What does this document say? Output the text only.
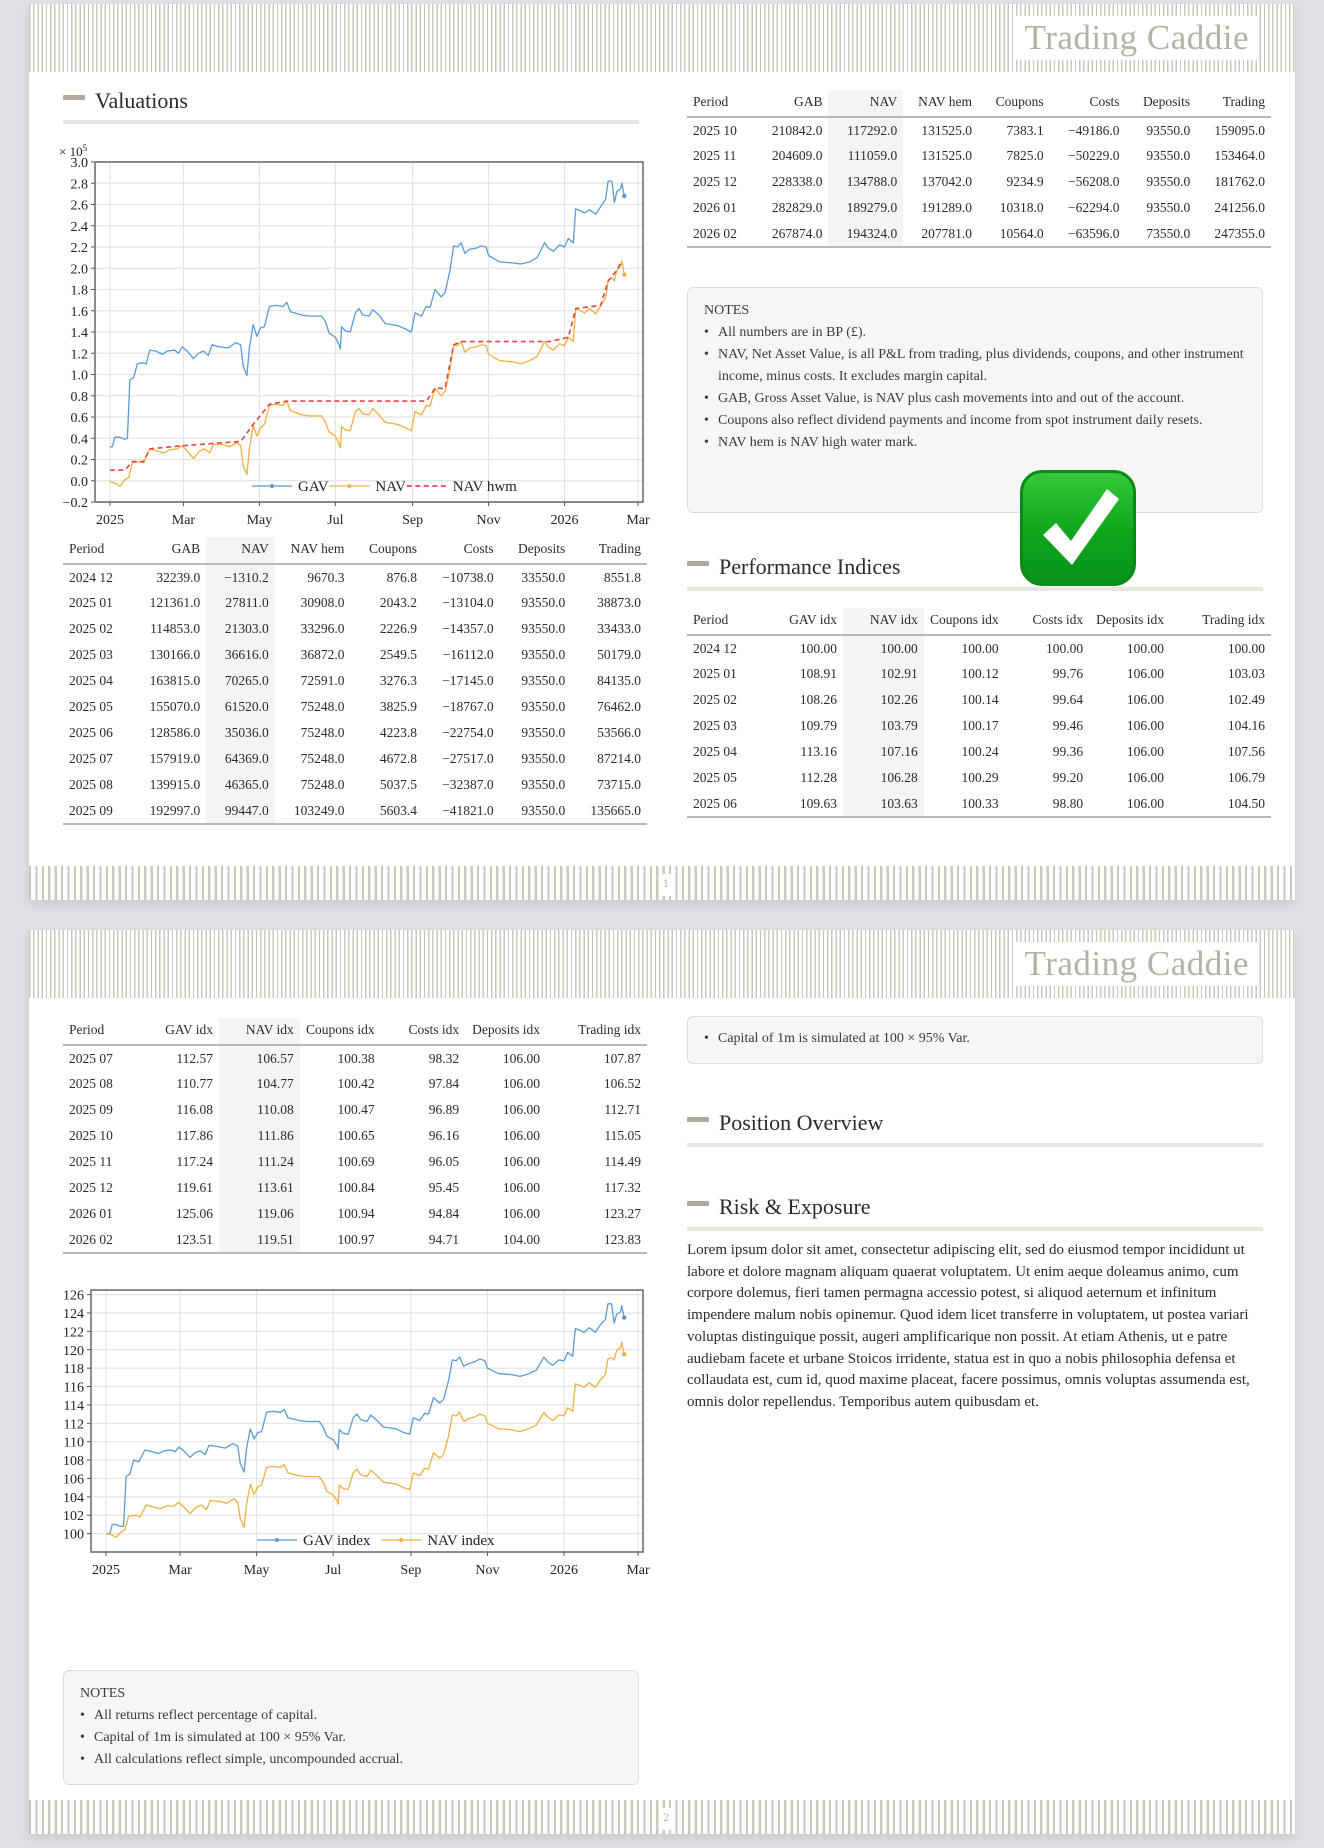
Trading Caddie
Valuations
−0.2
0.0
0.2
0.4
0.6
0.8
1.0
1.2
1.4
1.6
1.8
2.0
2.2
2.4
2.6
2.8
3.0
2025	Mar	May	Jul	Sep	Nov	2026	Mar
× $10^5$
GAV	NAV	NAV hwm
Period	GAB	NAV	NAV hem	Coupons	Costs	Deposits	Trading
2024 12	32239.0	−1310.2	9670.3	876.8	−10738.0	33550.0	8551.8
2025 01	121361.0	27811.0	30908.0	2043.2	−13104.0	93550.0	38873.0
2025 02	114853.0	21303.0	33296.0	2226.9	−14357.0	93550.0	33433.0
2025 03	130166.0	36616.0	36872.0	2549.5	−16112.0	93550.0	50179.0
2025 04	163815.0	70265.0	72591.0	3276.3	−17145.0	93550.0	84135.0
2025 05	155070.0	61520.0	75248.0	3825.9	−18767.0	93550.0	76462.0
2025 06	128586.0	35036.0	75248.0	4223.8	−22754.0	93550.0	53566.0
2025 07	157919.0	64369.0	75248.0	4672.8	−27517.0	93550.0	87214.0
2025 08	139915.0	46365.0	75248.0	5037.5	−32387.0	93550.0	73715.0
2025 09	192997.0	99447.0	103249.0	5603.4	−41821.0	93550.0	135665.0
Period	GAB	NAV	NAV hem	Coupons	Costs	Deposits	Trading
2025 10	210842.0	117292.0	131525.0	7383.1	−49186.0	93550.0	159095.0
2025 11	204609.0	111059.0	131525.0	7825.0	−50229.0	93550.0	153464.0
2025 12	228338.0	134788.0	137042.0	9234.9	−56208.0	93550.0	181762.0
2026 01	282829.0	189279.0	191289.0	10318.0	−62294.0	93550.0	241256.0
2026 02	267874.0	194324.0	207781.0	10564.0	−63596.0	73550.0	247355.0
NOTES
• All numbers are in BP (£).
• NAV, Net Asset Value, is all P&L from trading, plus dividends, coupons, and other instrument income, minus costs. It excludes margin capital.
• GAB, Gross Asset Value, is NAV plus cash movements into and out of the account.
• Coupons also reflect dividend payments and income from spot instrument daily resets.
• NAV hem is NAV high water mark.
Performance Indices
Period	GAV idx	NAV idx	Coupons idx	Costs idx	Deposits idx	Trading idx
2024 12	100.00	100.00	100.00	100.00	100.00	100.00
2025 01	108.91	102.91	100.12	99.76	106.00	103.03
2025 02	108.26	102.26	100.14	99.64	106.00	102.49
2025 03	109.79	103.79	100.17	99.46	106.00	104.16
2025 04	113.16	107.16	100.24	99.36	106.00	107.56
2025 05	112.28	106.28	100.29	99.20	106.00	106.79
2025 06	109.63	103.63	100.33	98.80	106.00	104.50
1
Trading Caddie
Period	GAV idx	NAV idx	Coupons idx	Costs idx	Deposits idx	Trading idx
2025 07	112.57	106.57	100.38	98.32	106.00	107.87
2025 08	110.77	104.77	100.42	97.84	106.00	106.52
2025 09	116.08	110.08	100.47	96.89	106.00	112.71
2025 10	117.86	111.86	100.65	96.16	106.00	115.05
2025 11	117.24	111.24	100.69	96.05	106.00	114.49
2025 12	119.61	113.61	100.84	95.45	106.00	117.32
2026 01	125.06	119.06	100.94	94.84	106.00	123.27
2026 02	123.51	119.51	100.97	94.71	104.00	123.83
100
102
104
106
108
110
112
114
116
118
120
122
124
126
2025	Mar	May	Jul	Sep	Nov	2026	Mar
GAV index	NAV index
NOTES
• All returns reflect percentage of capital.
• Capital of 1m is simulated at 100 × 95% Var.
• All calculations reflect simple, uncompounded accrual.
• Capital of 1m is simulated at 100 × 95% Var.
Position Overview
Risk & Exposure
Lorem ipsum dolor sit amet, consectetur adipiscing elit, sed do eiusmod tempor incididunt ut labore et dolore magnam aliquam quaerat voluptatem. Ut enim aeque doleamus animo, cum corpore dolemus, fieri tamen permagna accessio potest, si aliquod aeternum et infinitum impendere malum nobis opinemur. Quod idem licet transferre in voluptatem, ut postea variari voluptas distinguique possit, augeri amplificarique non possit. At etiam Athenis, ut e patre audiebam facete et urbane Stoicos irridente, statua est in quo a nobis philosophia defensa et collaudata est, cum id, quod maxime placeat, facere possimus, omnis voluptas assumenda est, omnis dolor repellendus. Temporibus autem quibusdam et.
2
